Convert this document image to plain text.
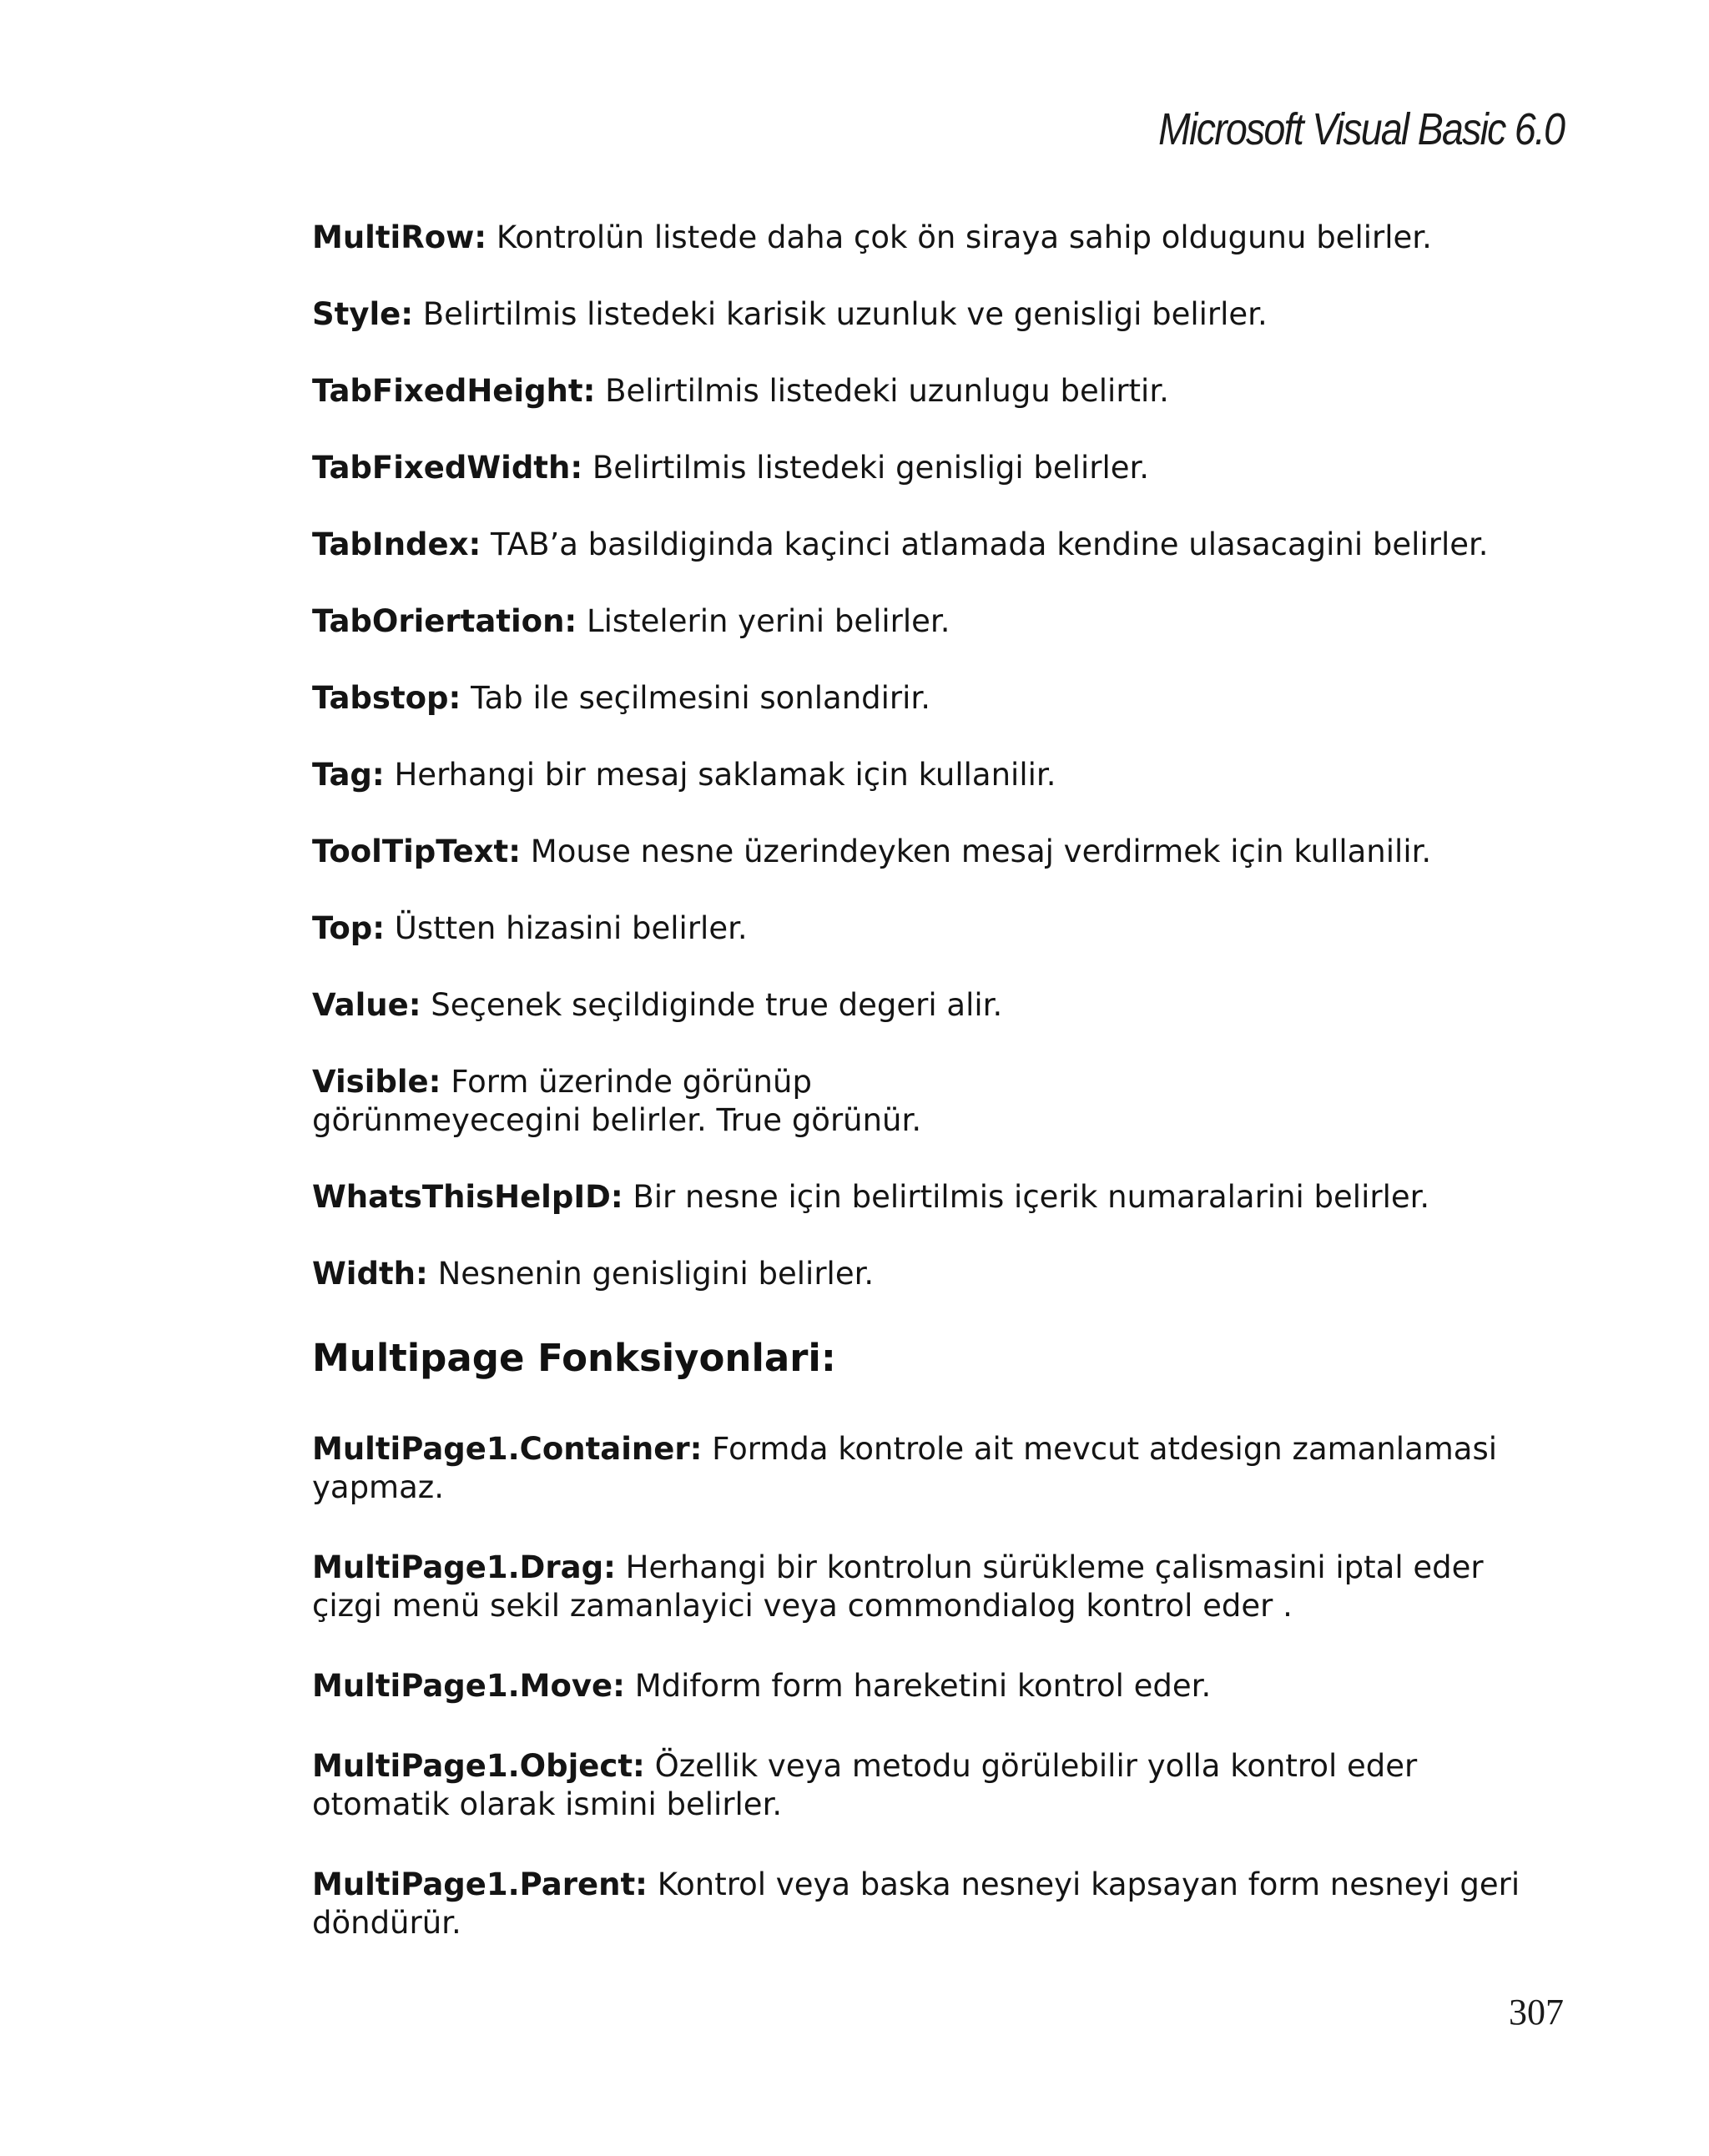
Microsoft Visual Basic 6.0
MultiRow: Kontrolün listede daha çok ön siraya sahip oldugunu belirler.
Style: Belirtilmis listedeki karisik uzunluk ve genisligi belirler.
TabFixedHeight: Belirtilmis listedeki uzunlugu belirtir.
TabFixedWidth: Belirtilmis listedeki genisligi belirler.
TabIndex: TAB’a basildiginda kaçinci atlamada kendine ulasacagini belirler.
TabOriertation: Listelerin yerini belirler.
Tabstop: Tab ile seçilmesini sonlandirir.
Tag: Herhangi bir mesaj saklamak için kullanilir.
ToolTipText: Mouse nesne üzerindeyken mesaj verdirmek için kullanilir.
Top: Üstten hizasini belirler.
Value: Seçenek seçildiginde true degeri alir.
Visible: Form üzerinde görünüp
görünmeyecegini belirler. True görünür.
WhatsThisHelpID: Bir nesne için belirtilmis içerik numaralarini belirler.
Width: Nesnenin genisligini belirler.
Multipage Fonksiyonlari:
MultiPage1.Container: Formda kontrole ait mevcut atdesign zamanlamasi
yapmaz.
MultiPage1.Drag: Herhangi bir kontrolun sürükleme çalismasini iptal eder
çizgi menü sekil zamanlayici veya commondialog kontrol eder .
MultiPage1.Move: Mdiform form hareketini kontrol eder.
MultiPage1.Object: Özellik veya metodu görülebilir yolla kontrol eder
otomatik olarak ismini belirler.
MultiPage1.Parent: Kontrol veya baska nesneyi kapsayan form nesneyi geri
döndürür.
307
